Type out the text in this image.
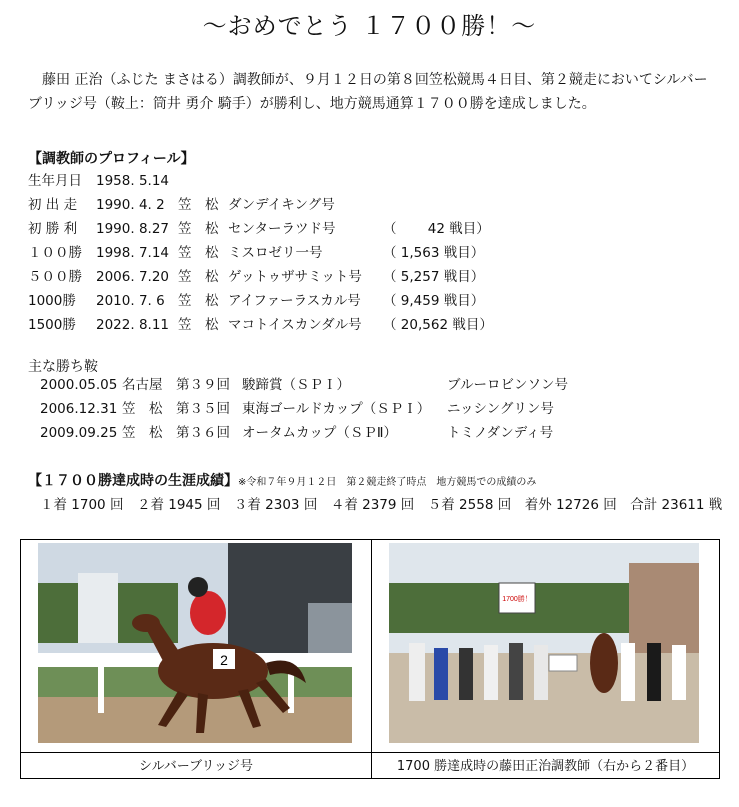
～おめでとう １７００勝！～
藤田 正治（ふじた まさはる）調教師が、９月１２日の第８回笠松競馬４日目、第２競走においてシルバーブリッジ号（鞍上：筒井 勇介 騎手）が勝利し、地方競馬通算１７００勝を達成しました。
【調教師のプロフィール】
生年月日 1958. 5.14
初 出 走 1990. 4. 2 笠　松 ダンデイキング号
初 勝 利 1990. 8.27 笠　松 センターラツド号	（　　 42 戦目）
１００勝 1998. 7.14 笠　松 ミスロゼリ一号	（ 1,563 戦目）
５００勝 2006. 7.20 笠　松 ゲットゥザサミット号 （ 5,257 戦目）
1000勝 2010. 7. 6 笠　松 アイファーラスカル号 （ 9,459 戦目）
1500勝 2022. 8.11 笠　松 マコトイスカンダル号 （ 20,562 戦目）
主な勝ち鞍
2000.05.05 名古屋 第３９回 駿蹄賞（ＳＰＩ）	ブルーロビンソン号
2006.12.31 笠　松 第３５回 東海ゴールドカップ（ＳＰＩ） ニッシングリン号
2009.09.25 笠　松 第３６回 オータムカップ（ＳＰⅡ）	トミノダンディ号
【１７００勝達成時の生涯成績】※令和７年９月１２日　第２競走終了時点　地方競馬での成績のみ
１着 1700 回　２着 1945 回　３着 2303 回　４着 2379 回　５着 2558 回　着外 12726 回　合計 23611 戦
2
1700勝！
シルバーブリッジ号	1700 勝達成時の藤田正治調教師（右から２番目）
